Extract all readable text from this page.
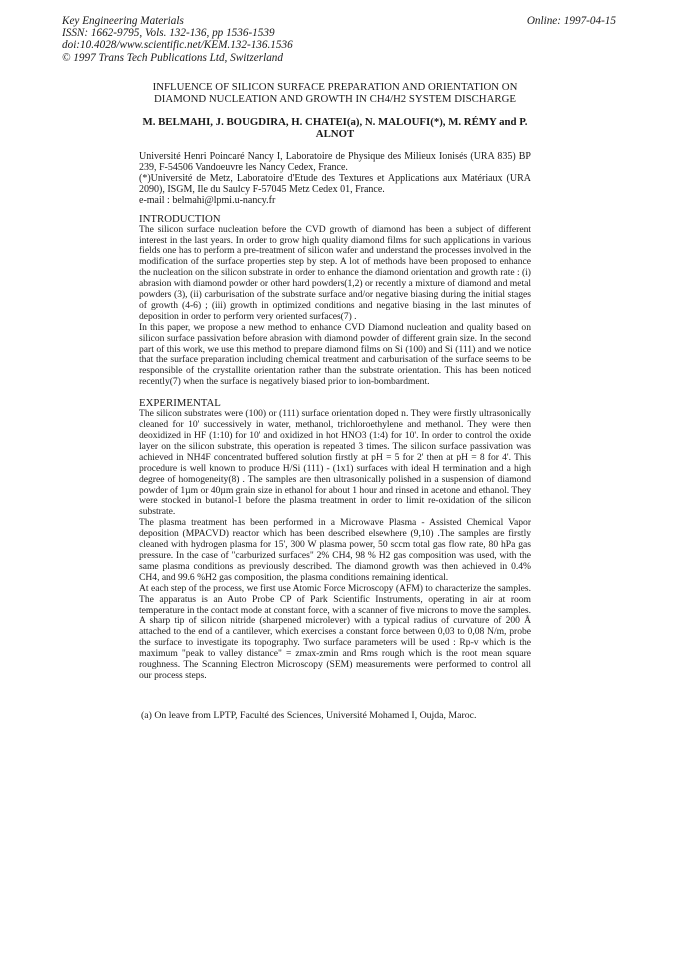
Key Engineering Materials
ISSN: 1662-9795, Vols. 132-136, pp 1536-1539
doi:10.4028/www.scientific.net/KEM.132-136.1536
© 1997 Trans Tech Publications Ltd, Switzerland
Online: 1997-04-15
INFLUENCE OF SILICON SURFACE PREPARATION AND ORIENTATION ON
DIAMOND NUCLEATION AND GROWTH IN CH4/H2 SYSTEM DISCHARGE
M. BELMAHI, J. BOUGDIRA, H. CHATEI(a), N. MALOUFI(*), M. RÉMY and P. ALNOT

Université Henri Poincaré Nancy I, Laboratoire de Physique des Milieux Ionisés (URA 835) BP 239, F-54506 Vandoeuvre les Nancy Cedex, France.

(*)Université de Metz, Laboratoire d'Etude des Textures et Applications aux Matériaux (URA 2090), ISGM, Ile du Saulcy F-57045 Metz Cedex 01, France.

e-mail : belmahi@lpmi.u-nancy.fr

INTRODUCTION

The silicon surface nucleation before the CVD growth of diamond has been a subject of different interest in the last years. In order to grow high quality diamond films for such applications in various fields one has to perform a pre-treatment of silicon wafer and understand the processes involved in the modification of the surface properties step by step. A lot of methods have been proposed to enhance the nucleation on the silicon substrate in order to enhance the diamond orientation and growth rate : (i) abrasion with diamond powder or other hard powders(1,2) or recently a mixture of diamond and metal powders (3), (ii) carburisation of the substrate surface and/or negative biasing during the initial stages of growth (4-6) ; (iii) growth in optimized conditions and negative biasing in the last minutes of deposition in order to perform very oriented surfaces(7) .

In this paper, we propose a new method to enhance CVD Diamond nucleation and quality based on silicon surface passivation before abrasion with diamond powder of different grain size. In the second part of this work, we use this method to prepare diamond films on Si (100) and Si (111) and we notice that the surface preparation including chemical treatment and carburisation of the surface seems to be responsible of the crystallite orientation rather than the substrate orientation. This has been noticed recently(7) when the surface is negatively biased prior to ion-bombardment.

EXPERIMENTAL

The silicon substrates were (100) or (111) surface orientation doped n. They were firstly ultrasonically cleaned for 10' successively in water, methanol, trichloroethylene and methanol. They were then deoxidized in HF (1:10) for 10' and oxidized in hot HNO3 (1:4) for 10'. In order to control the oxide layer on the silicon substrate, this operation is repeated 3 times. The silicon surface passivation was achieved in NH4F concentrated buffered solution firstly at pH = 5 for 2' then at pH = 8 for 4'. This procedure is well known to produce H/Si (111) - (1x1) surfaces with ideal H termination and a high degree of homogeneity(8) . The samples are then ultrasonically polished in a suspension of diamond powder of 1µm or 40µm grain size in ethanol for about 1 hour and rinsed in acetone and ethanol. They were stocked in butanol-1 before the plasma treatment in order to limit re-oxidation of the silicon substrate.

The plasma treatment has been performed in a Microwave Plasma - Assisted Chemical Vapor deposition (MPACVD) reactor which has been described elsewhere (9,10) .The samples are firstly cleaned with hydrogen plasma for 15', 300 W plasma power, 50 sccm total gas flow rate, 80 hPa gas pressure. In the case of "carburized surfaces" 2% CH4, 98 % H2 gas composition was used, with the same plasma conditions as previously described. The diamond growth was then achieved in 0.4% CH4, and 99.6 %H2 gas composition, the plasma conditions remaining identical.

At each step of the process, we first use Atomic Force Microscopy (AFM) to characterize the samples. The apparatus is an Auto Probe CP of Park Scientific Instruments, operating in air at room temperature in the contact mode at constant force, with a scanner of five microns to move the samples. A sharp tip of silicon nitride (sharpened microlever) with a typical radius of curvature of 200 Å attached to the end of a cantilever, which exercises a constant force between 0,03 to 0,08 N/m, probe the surface to investigate its topography. Two surface parameters will be used : Rp-v which is the maximum "peak to valley distance" = zmax-zmin and Rms rough which is the root mean square roughness. The Scanning Electron Microscopy (SEM) measurements were performed to control all our process steps.

(a) On leave from LPTP, Faculté des Sciences, Université Mohamed I, Oujda, Maroc.
